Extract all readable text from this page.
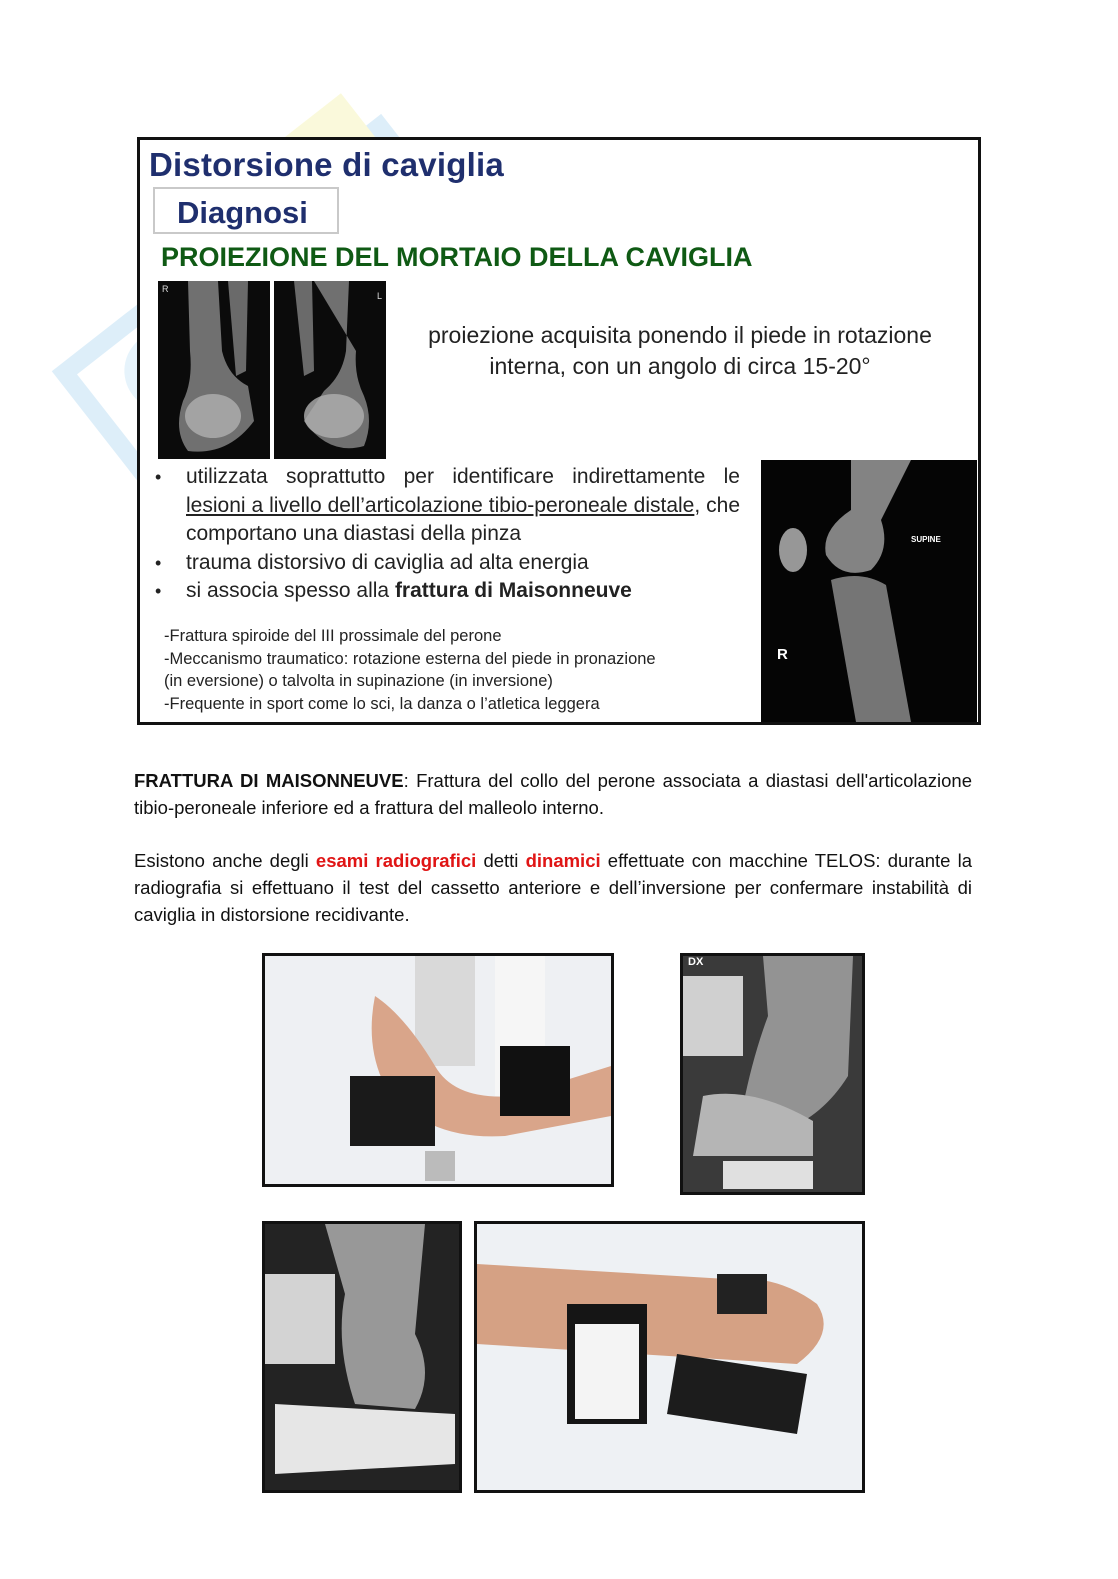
Distorsione di caviglia
Diagnosi
PROIEZIONE DEL MORTAIO DELLA CAVIGLIA
R
L
proiezione acquisita ponendo il piede in rotazione
interna, con un angolo di circa 15-20°
• utilizzata soprattutto per identificare indirettamente le lesioni a livello dell’articolazione tibio-peroneale distale, che comportano una diastasi della pinza
• trauma distorsivo di caviglia ad alta energia
• si associa spesso alla frattura di Maisonneuve
-Frattura spiroide del III prossimale del perone
-Meccanismo traumatico: rotazione esterna del piede in pronazione
(in eversione) o talvolta in supinazione (in inversione)
-Frequente in sport come lo sci, la danza o l’atletica leggera
SUPINE
R
FRATTURA DI MAISONNEUVE: Frattura del collo del perone associata a diastasi dell'articolazione tibio-peroneale inferiore ed a frattura del malleolo interno.
Esistono anche degli esami radiografici detti dinamici effettuate con macchine TELOS: durante la radiografia si effettuano il test del cassetto anteriore e dell’inversione per confermare instabilità di caviglia in distorsione recidivante.
DX
